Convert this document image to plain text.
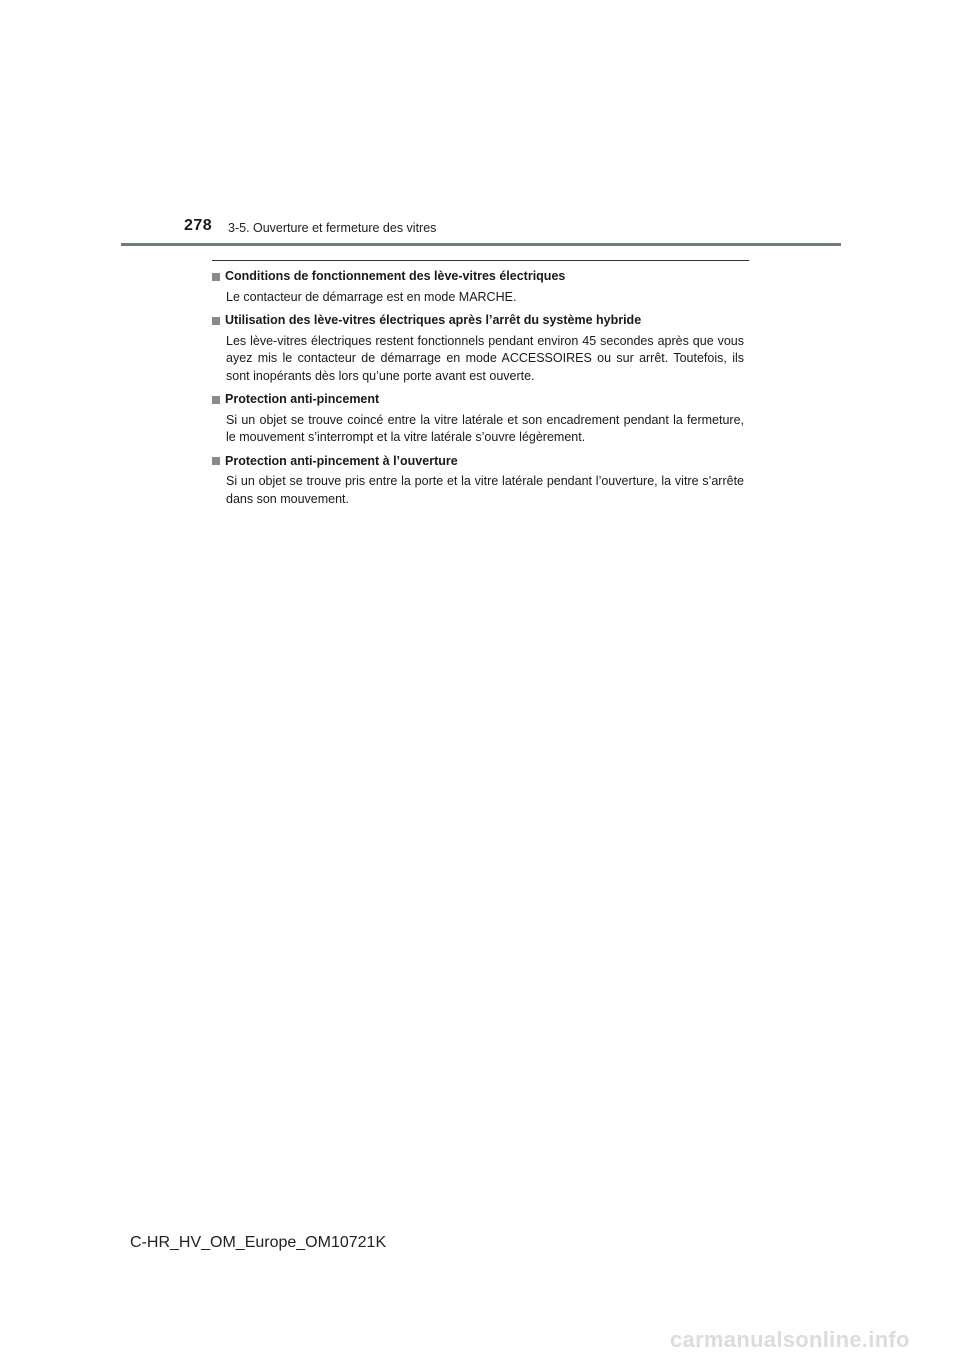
278 3-5. Ouverture et fermeture des vitres
Conditions de fonctionnement des lève-vitres électriques

Le contacteur de démarrage est en mode MARCHE.

Utilisation des lève-vitres électriques après l’arrêt du système hybride

Les lève-vitres électriques restent fonctionnels pendant environ 45 secondes après que vous ayez mis le contacteur de démarrage en mode ACCESSOIRES ou sur arrêt. Toutefois, ils sont inopérants dès lors qu’une porte avant est ouverte.

Protection anti-pincement

Si un objet se trouve coincé entre la vitre latérale et son encadrement pendant la fermeture, le mouvement s’interrompt et la vitre latérale s’ouvre légèrement.

Protection anti-pincement à l’ouverture

Si un objet se trouve pris entre la porte et la vitre latérale pendant l’ouverture, la vitre s’arrête dans son mouvement.

C-HR_HV_OM_Europe_OM10721K
carmanualsonline.info
